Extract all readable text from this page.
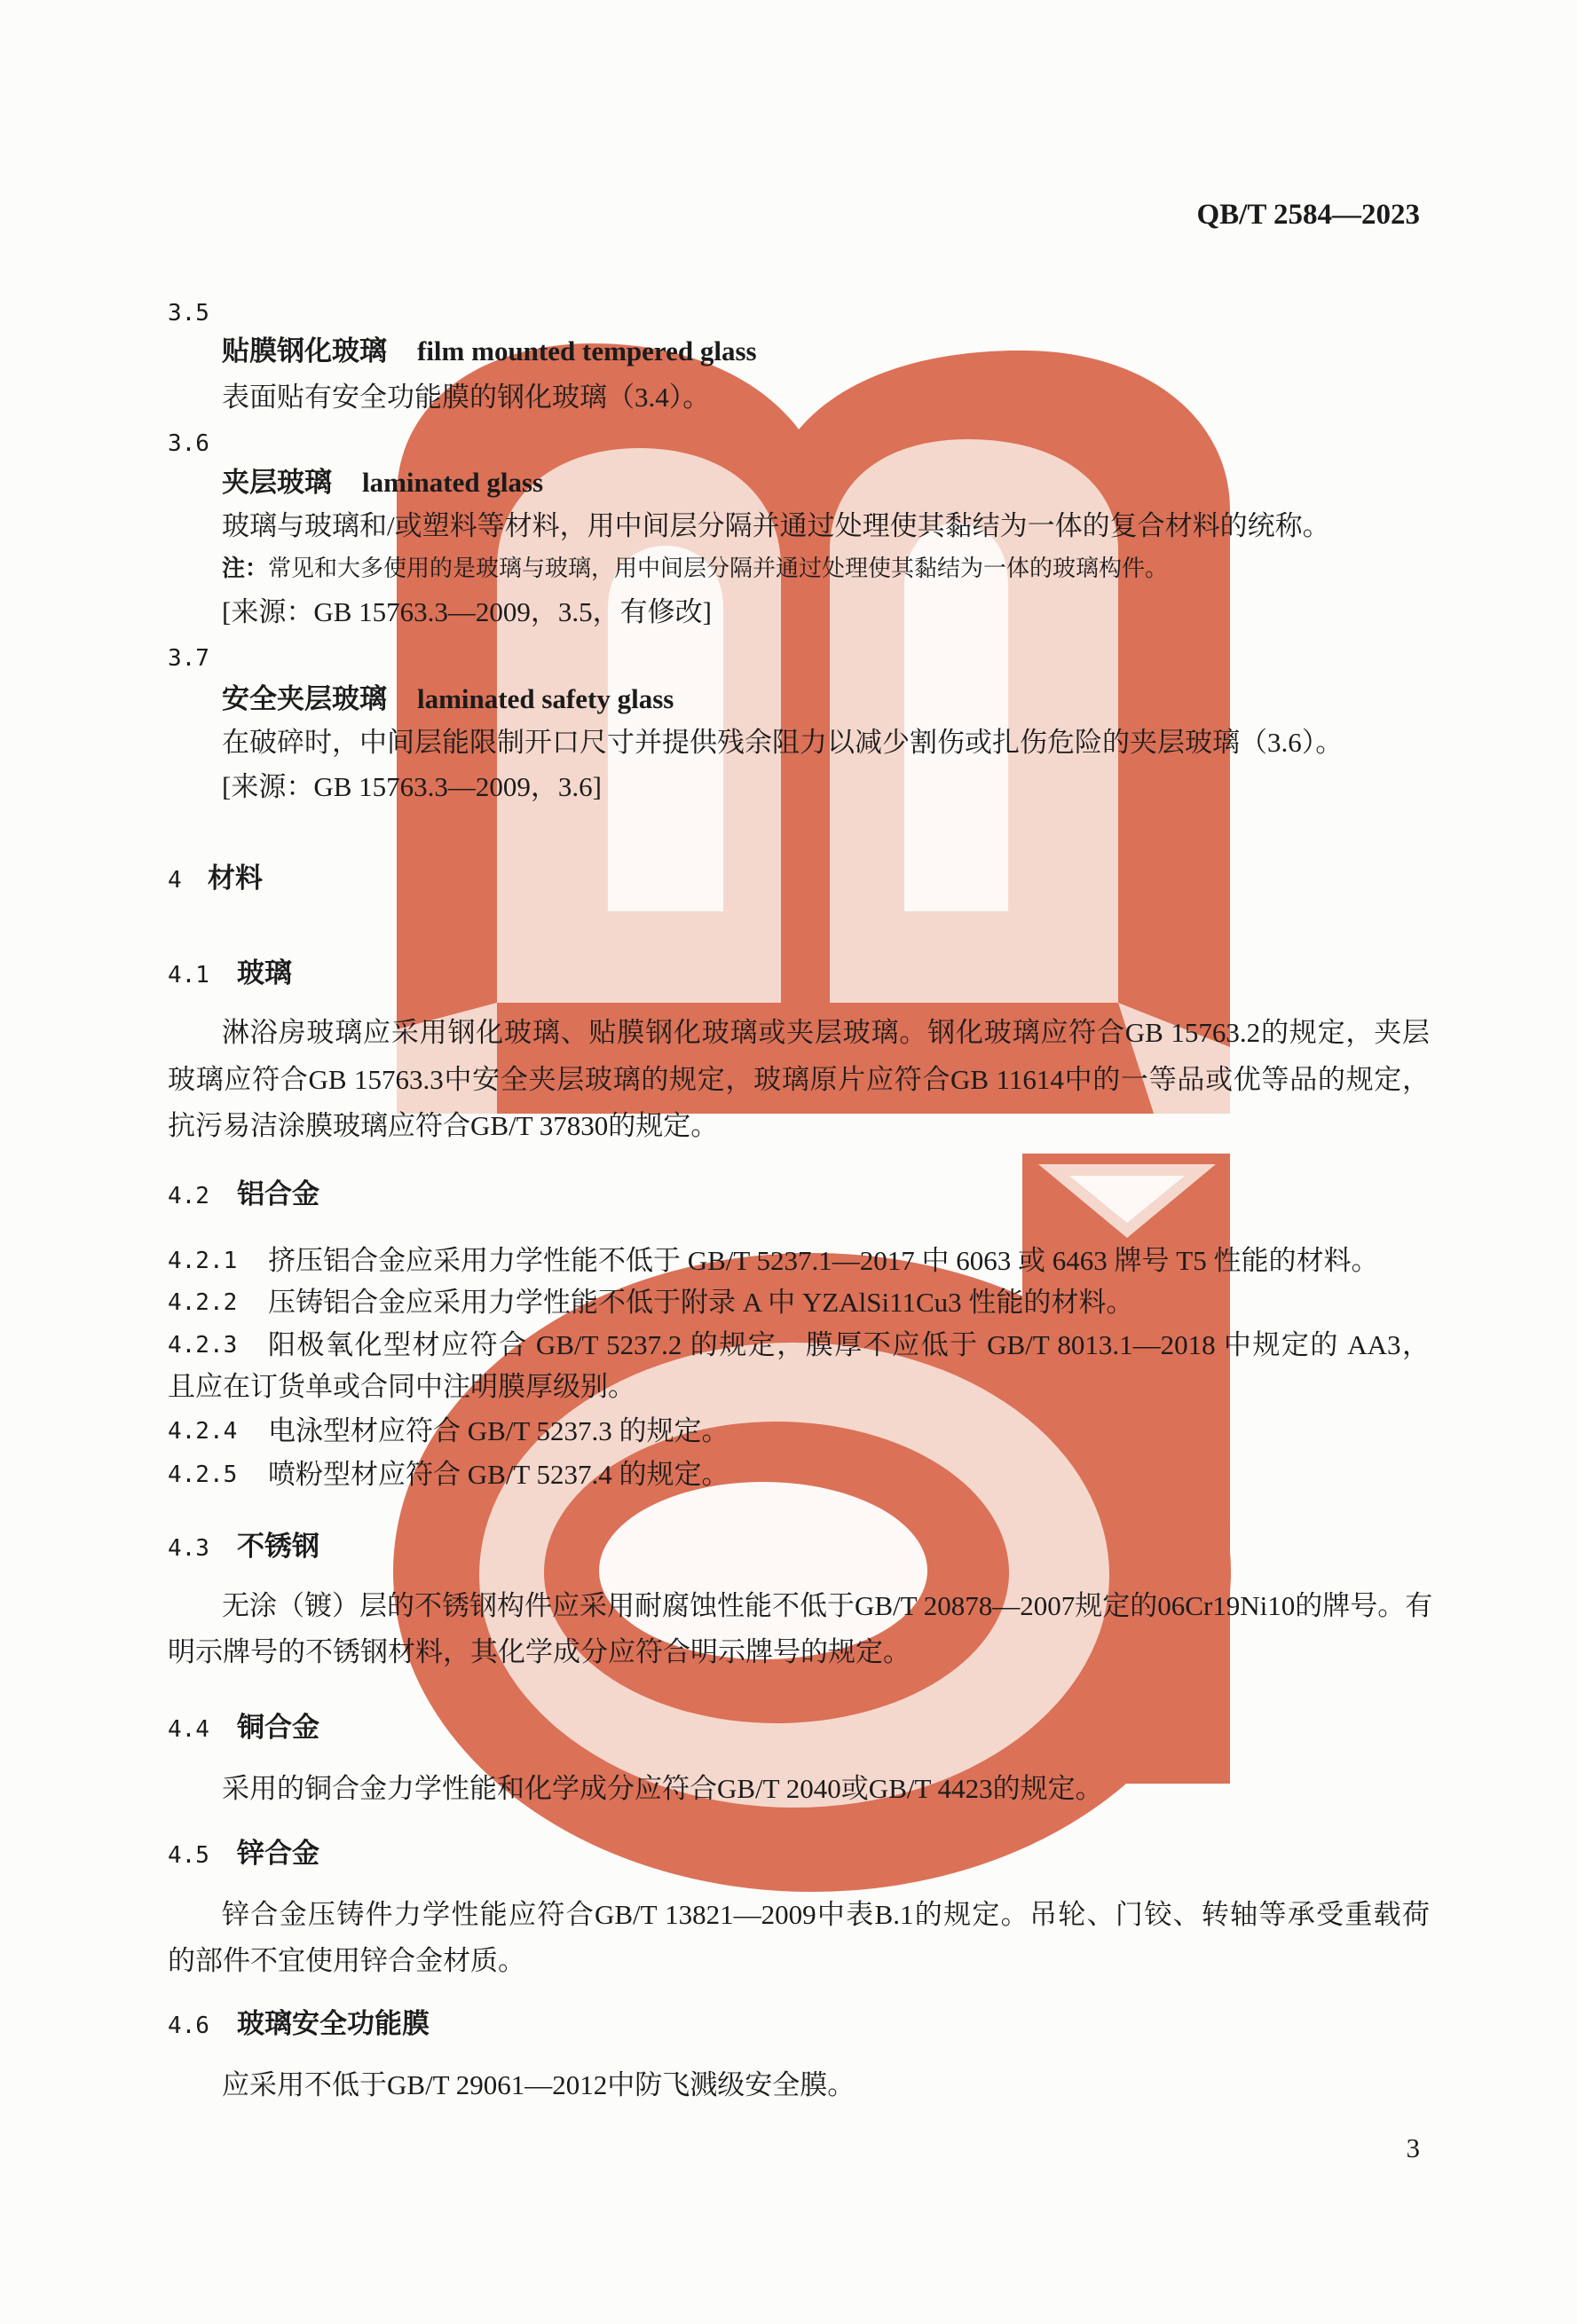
QB/T 2584—2023
3.5
贴膜钢化玻璃 film mounted tempered glass
表面贴有安全功能膜的钢化玻璃（3.4）。
3.6
夹层玻璃 laminated glass
玻璃与玻璃和/或塑料等材料，用中间层分隔并通过处理使其黏结为一体的复合材料的统称。
注：常见和大多使用的是玻璃与玻璃，用中间层分隔并通过处理使其黏结为一体的玻璃构件。
[来源：GB 15763.3—2009，3.5，有修改]
3.7
安全夹层玻璃 laminated safety glass
在破碎时，中间层能限制开口尺寸并提供残余阻力以减少割伤或扎伤危险的夹层玻璃（3.6）。
[来源：GB 15763.3—2009，3.6]
4 材料
4.1 玻璃
淋浴房玻璃应采用钢化玻璃、贴膜钢化玻璃或夹层玻璃。钢化玻璃应符合GB 15763.2的规定，夹层
玻璃应符合GB 15763.3中安全夹层玻璃的规定，玻璃原片应符合GB 11614中的一等品或优等品的规定，
抗污易洁涂膜玻璃应符合GB/T 37830的规定。
4.2 铝合金
4.2.1	挤压铝合金应采用力学性能不低于 GB/T 5237.1—2017 中 6063 或 6463 牌号 T5 性能的材料。
4.2.2	压铸铝合金应采用力学性能不低于附录 A 中 YZAlSi11Cu3 性能的材料。
4.2.3	阳极氧化型材应符合 GB/T 5237.2 的规定，膜厚不应低于 GB/T 8013.1—2018 中规定的 AA3，
且应在订货单或合同中注明膜厚级别。
4.2.4	电泳型材应符合 GB/T 5237.3 的规定。
4.2.5	喷粉型材应符合 GB/T 5237.4 的规定。
4.3 不锈钢
无涂（镀）层的不锈钢构件应采用耐腐蚀性能不低于GB/T 20878—2007规定的06Cr19Ni10的牌号。有
明示牌号的不锈钢材料，其化学成分应符合明示牌号的规定。
4.4 铜合金
采用的铜合金力学性能和化学成分应符合GB/T 2040或GB/T 4423的规定。
4.5 锌合金
锌合金压铸件力学性能应符合GB/T 13821—2009中表B.1的规定。吊轮、门铰、转轴等承受重载荷
的部件不宜使用锌合金材质。
4.6 玻璃安全功能膜
应采用不低于GB/T 29061—2012中防飞溅级安全膜。
3
